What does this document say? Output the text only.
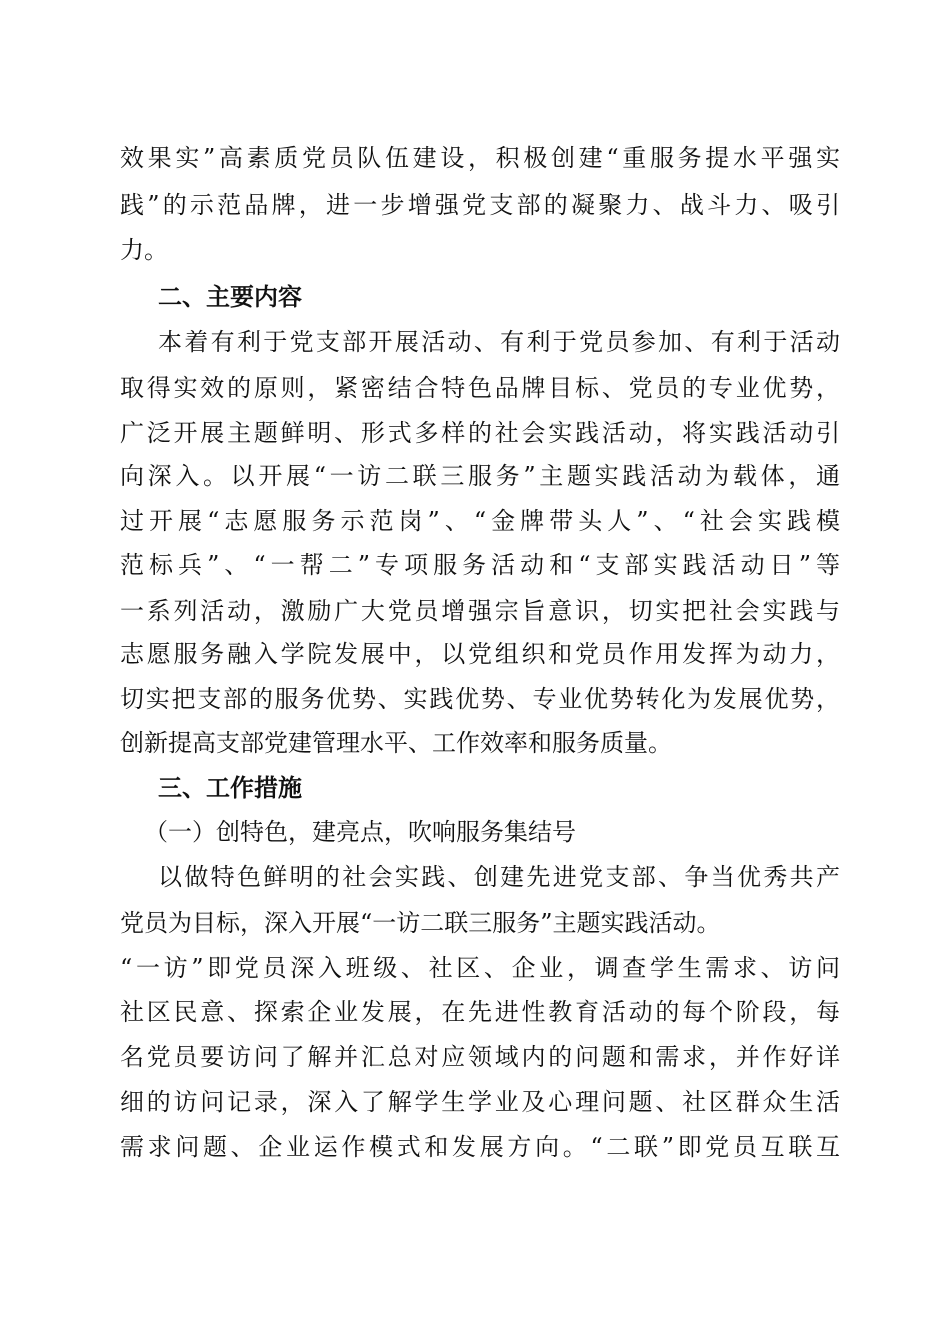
效果实”高素质党员队伍建设，积极创建“重服务提水平强实
践”的示范品牌，进一步增强党支部的凝聚力、战斗力、吸引
力。
二、主要内容
本着有利于党支部开展活动、有利于党员参加、有利于活动
取得实效的原则，紧密结合特色品牌目标、党员的专业优势，
广泛开展主题鲜明、形式多样的社会实践活动，将实践活动引
向深入。以开展“一访二联三服务”主题实践活动为载体，通
过开展“志愿服务示范岗”、“金牌带头人”、“社会实践模
范标兵”、“一帮二”专项服务活动和“支部实践活动日”等
一系列活动，激励广大党员增强宗旨意识，切实把社会实践与
志愿服务融入学院发展中，以党组织和党员作用发挥为动力，
切实把支部的服务优势、实践优势、专业优势转化为发展优势，
创新提高支部党建管理水平、工作效率和服务质量。
三、工作措施
（一）创特色，建亮点，吹响服务集结号
以做特色鲜明的社会实践、创建先进党支部、争当优秀共产
党员为目标，深入开展“一访二联三服务”主题实践活动。
“一访”即党员深入班级、社区、企业，调查学生需求、访问
社区民意、探索企业发展，在先进性教育活动的每个阶段，每
名党员要访问了解并汇总对应领域内的问题和需求，并作好详
细的访问记录，深入了解学生学业及心理问题、社区群众生活
需求问题、企业运作模式和发展方向。“二联”即党员互联互
